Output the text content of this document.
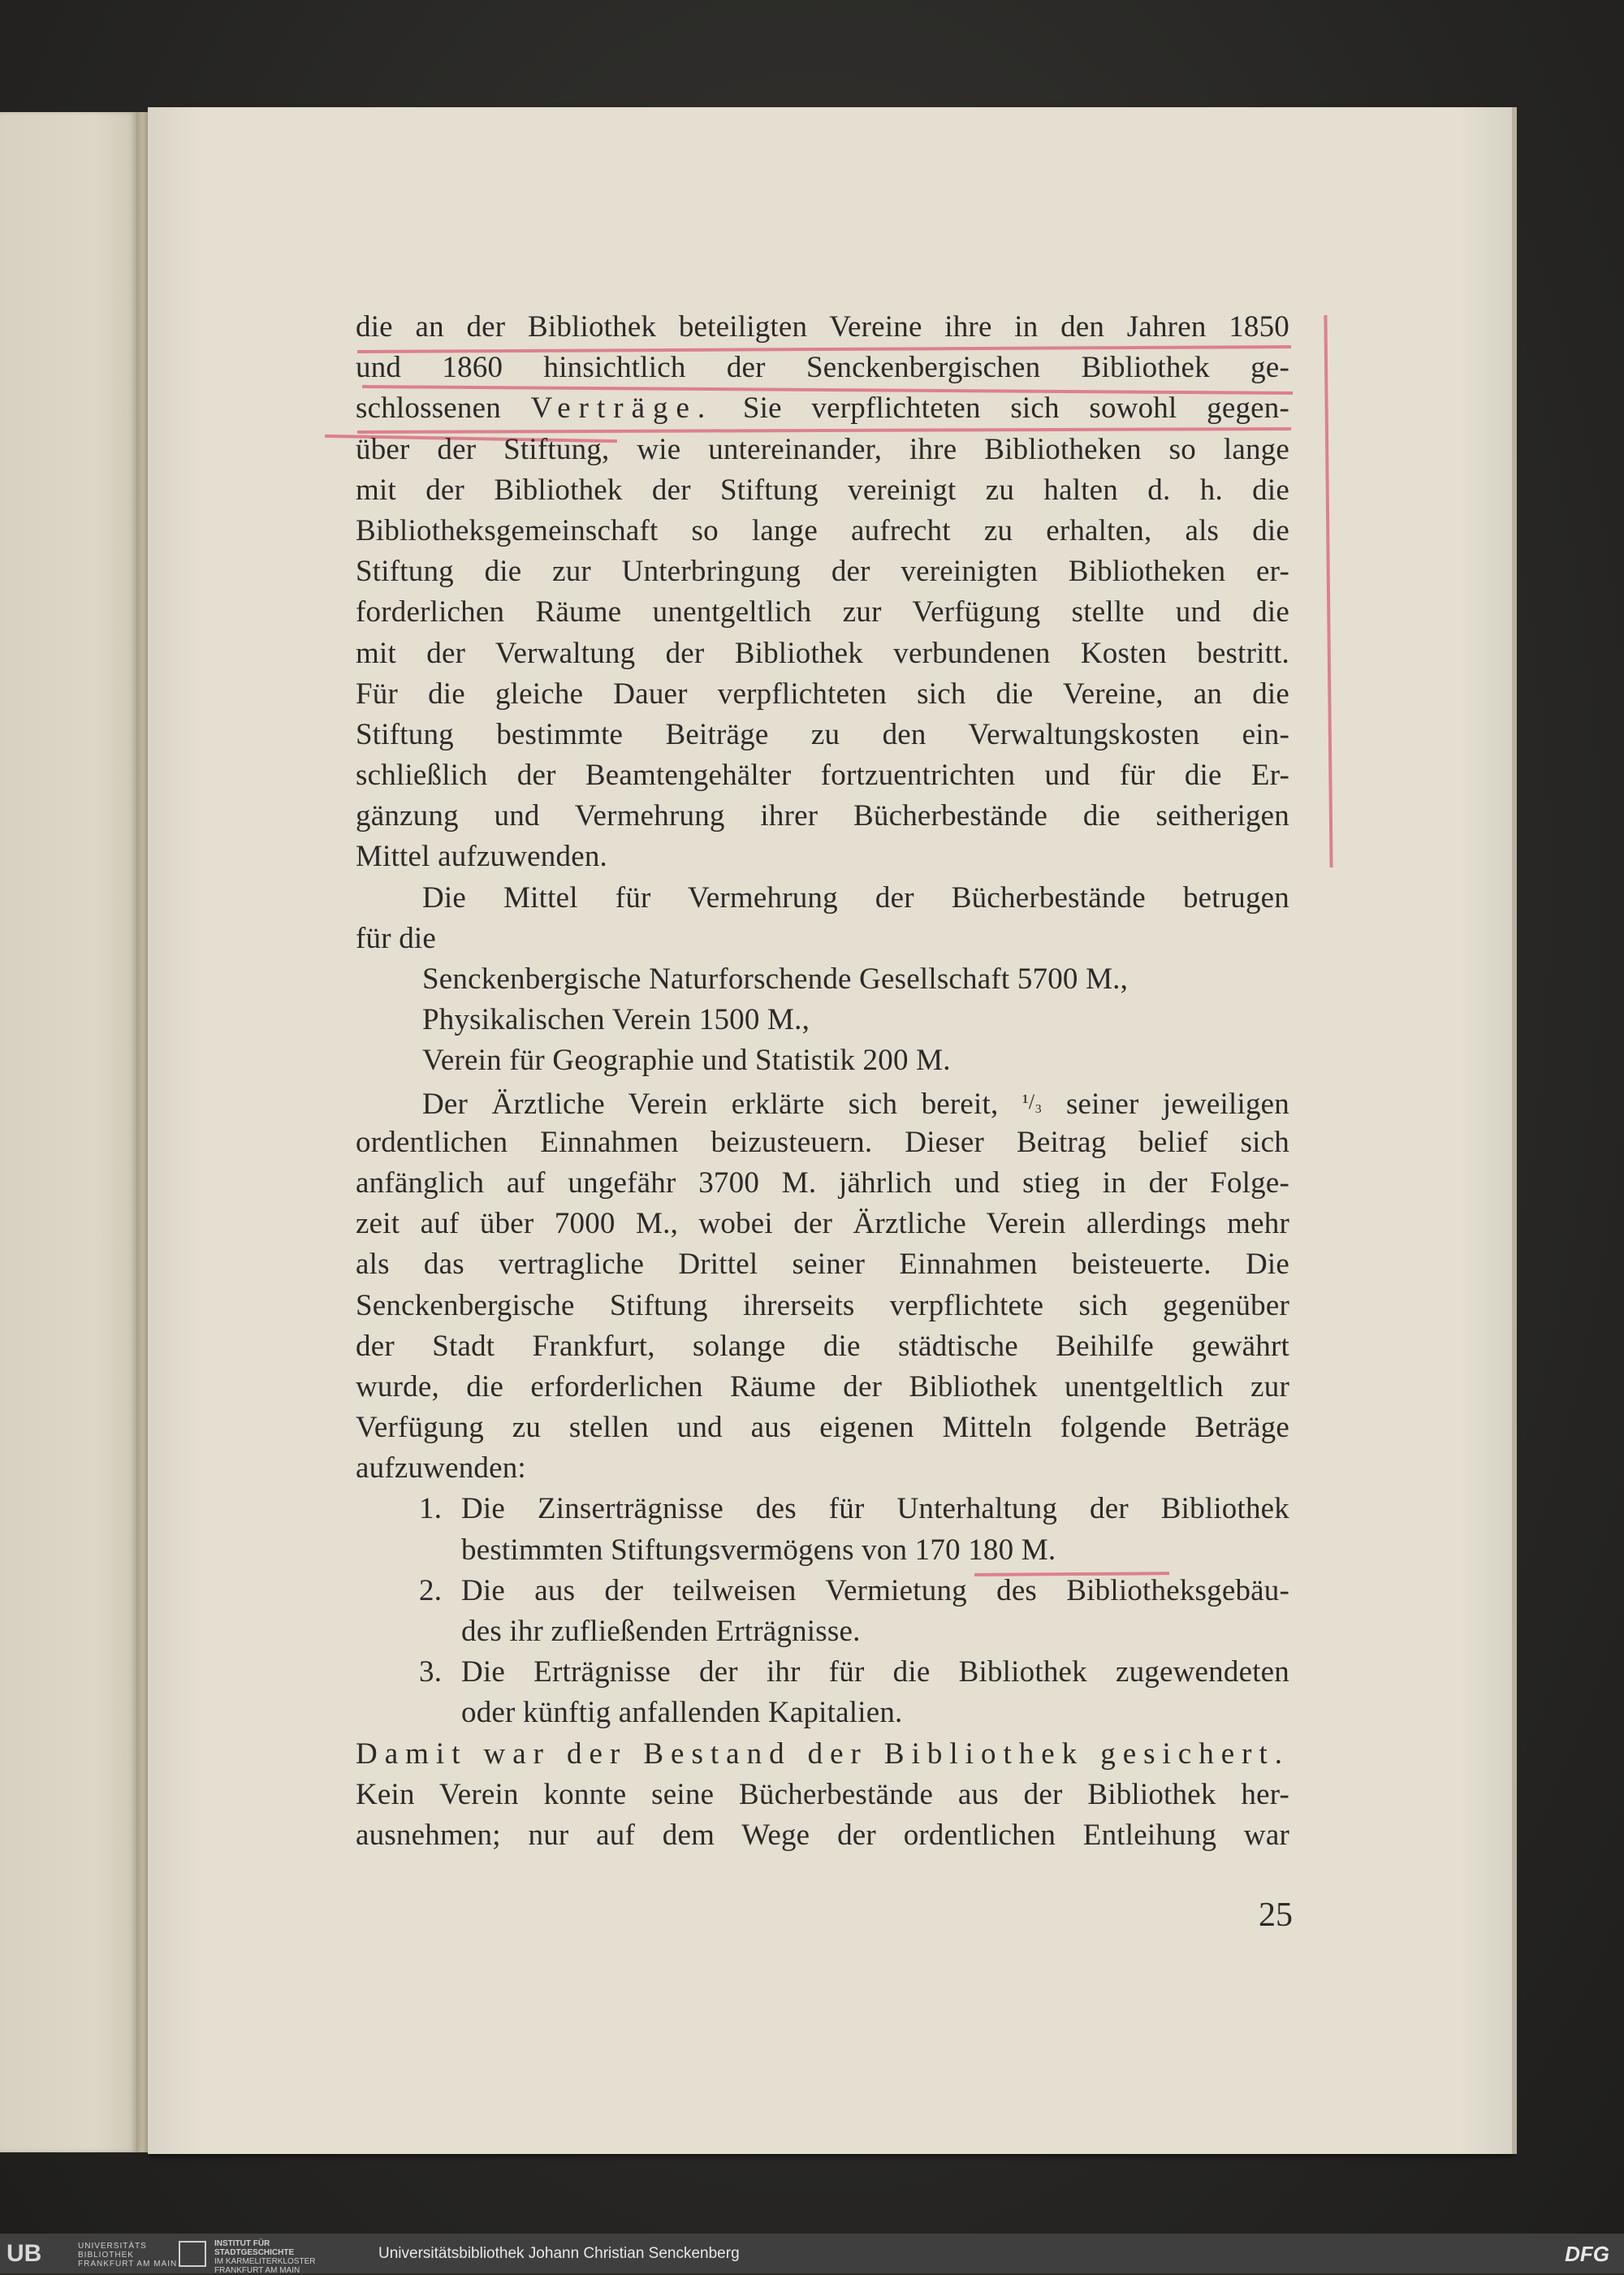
die an der Bibliothek beteiligten Vereine ihre in den Jahren 1850
und 1860 hinsichtlich der Senckenbergischen Bibliothek ge-
schlossenen Verträge. Sie verpflichteten sich sowohl gegen-
über der Stiftung, wie untereinander, ihre Bibliotheken so lange
mit der Bibliothek der Stiftung vereinigt zu halten d. h. die
Bibliotheksgemeinschaft so lange aufrecht zu erhalten, als die
Stiftung die zur Unterbringung der vereinigten Bibliotheken er-
forderlichen Räume unentgeltlich zur Verfügung stellte und die
mit der Verwaltung der Bibliothek verbundenen Kosten bestritt.
Für die gleiche Dauer verpflichteten sich die Vereine, an die
Stiftung bestimmte Beiträge zu den Verwaltungskosten ein-
schließlich der Beamtengehälter fortzuentrichten und für die Er-
gänzung und Vermehrung ihrer Bücherbestände die seitherigen
Mittel aufzuwenden.
Die Mittel für Vermehrung der Bücherbestände betrugen
für die
Senckenbergische Naturforschende Gesellschaft 5700 M.,
Physikalischen Verein 1500 M.,
Verein für Geographie und Statistik 200 M.
Der Ärztliche Verein erklärte sich bereit, ¹/₃ seiner jeweiligen
ordentlichen Einnahmen beizusteuern. Dieser Beitrag belief sich
anfänglich auf ungefähr 3700 M. jährlich und stieg in der Folge-
zeit auf über 7000 M., wobei der Ärztliche Verein allerdings mehr
als das vertragliche Drittel seiner Einnahmen beisteuerte. Die
Senckenbergische Stiftung ihrerseits verpflichtete sich gegenüber
der Stadt Frankfurt, solange die städtische Beihilfe gewährt
wurde, die erforderlichen Räume der Bibliothek unentgeltlich zur
Verfügung zu stellen und aus eigenen Mitteln folgende Beträge
aufzuwenden:
1. Die Zinserträgnisse des für Unterhaltung der Bibliothek
bestimmten Stiftungsvermögens von 170 180 M.
2. Die aus der teilweisen Vermietung des Bibliotheksgebäu-
des ihr zufließenden Erträgnisse.
3. Die Erträgnisse der ihr für die Bibliothek zugewendeten
oder künftig anfallenden Kapitalien.
Damit war der Bestand der Bibliothek gesichert.
Kein Verein konnte seine Bücherbestände aus der Bibliothek her-
ausnehmen; nur auf dem Wege der ordentlichen Entleihung war
25
UB	UNIVERSITÄTS
BIBLIOTHEK
FRANKFURT AM MAIN
INSTITUT FÜR
STADTGESCHICHTE
IM KARMELITERKLOSTER
FRANKFURT AM MAIN
Universitätsbibliothek Johann Christian Senckenberg	DFG
